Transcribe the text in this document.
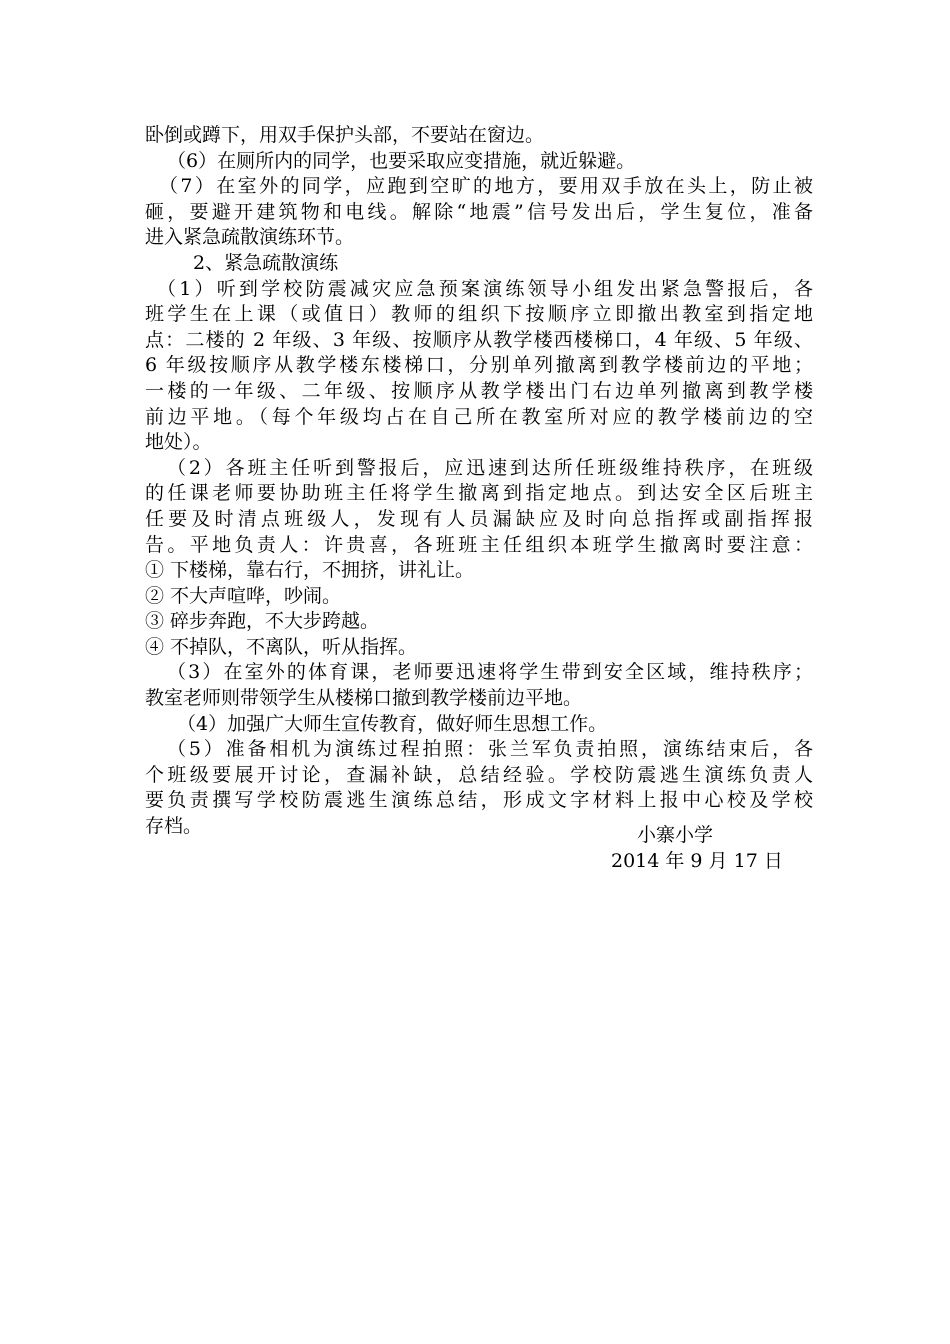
卧倒或蹲下，用双手保护头部，不要站在窗边。
（6）在厕所内的同学，也要采取应变措施，就近躲避。
（7）在室外的同学，应跑到空旷的地方，要用双手放在头上，防止被
砸，要避开建筑物和电线。解除“地震”信号发出后，学生复位，准备
进入紧急疏散演练环节。
2、紧急疏散演练
（1）听到学校防震减灾应急预案演练领导小组发出紧急警报后，各
班学生在上课（或值日）教师的组织下按顺序立即撤出教室到指定地
点：二楼的 2 年级、3 年级、按顺序从教学楼西楼梯口，4 年级、5 年级、
6 年级按顺序从教学楼东楼梯口，分别单列撤离到教学楼前边的平地；
一楼的一年级、二年级、按顺序从教学楼出门右边单列撤离到教学楼
前边平地。（每个年级均占在自己所在教室所对应的教学楼前边的空
地处）。
（2）各班主任听到警报后，应迅速到达所任班级维持秩序，在班级
的任课老师要协助班主任将学生撤离到指定地点。到达安全区后班主
任要及时清点班级人，发现有人员漏缺应及时向总指挥或副指挥报
告。平地负责人：许贵喜，各班班主任组织本班学生撤离时要注意：
① 下楼梯，靠右行，不拥挤，讲礼让。
② 不大声喧哗，吵闹。
③ 碎步奔跑，不大步跨越。
④ 不掉队，不离队，听从指挥。
（3）在室外的体育课，老师要迅速将学生带到安全区域，维持秩序；
教室老师则带领学生从楼梯口撤到教学楼前边平地。
（4）加强广大师生宣传教育，做好师生思想工作。
（5）准备相机为演练过程拍照：张兰军负责拍照，演练结束后，各
个班级要展开讨论，查漏补缺，总结经验。学校防震逃生演练负责人
要负责撰写学校防震逃生演练总结，形成文字材料上报中心校及学校
存档。	小寨小学
2014 年 9 月 17 日
